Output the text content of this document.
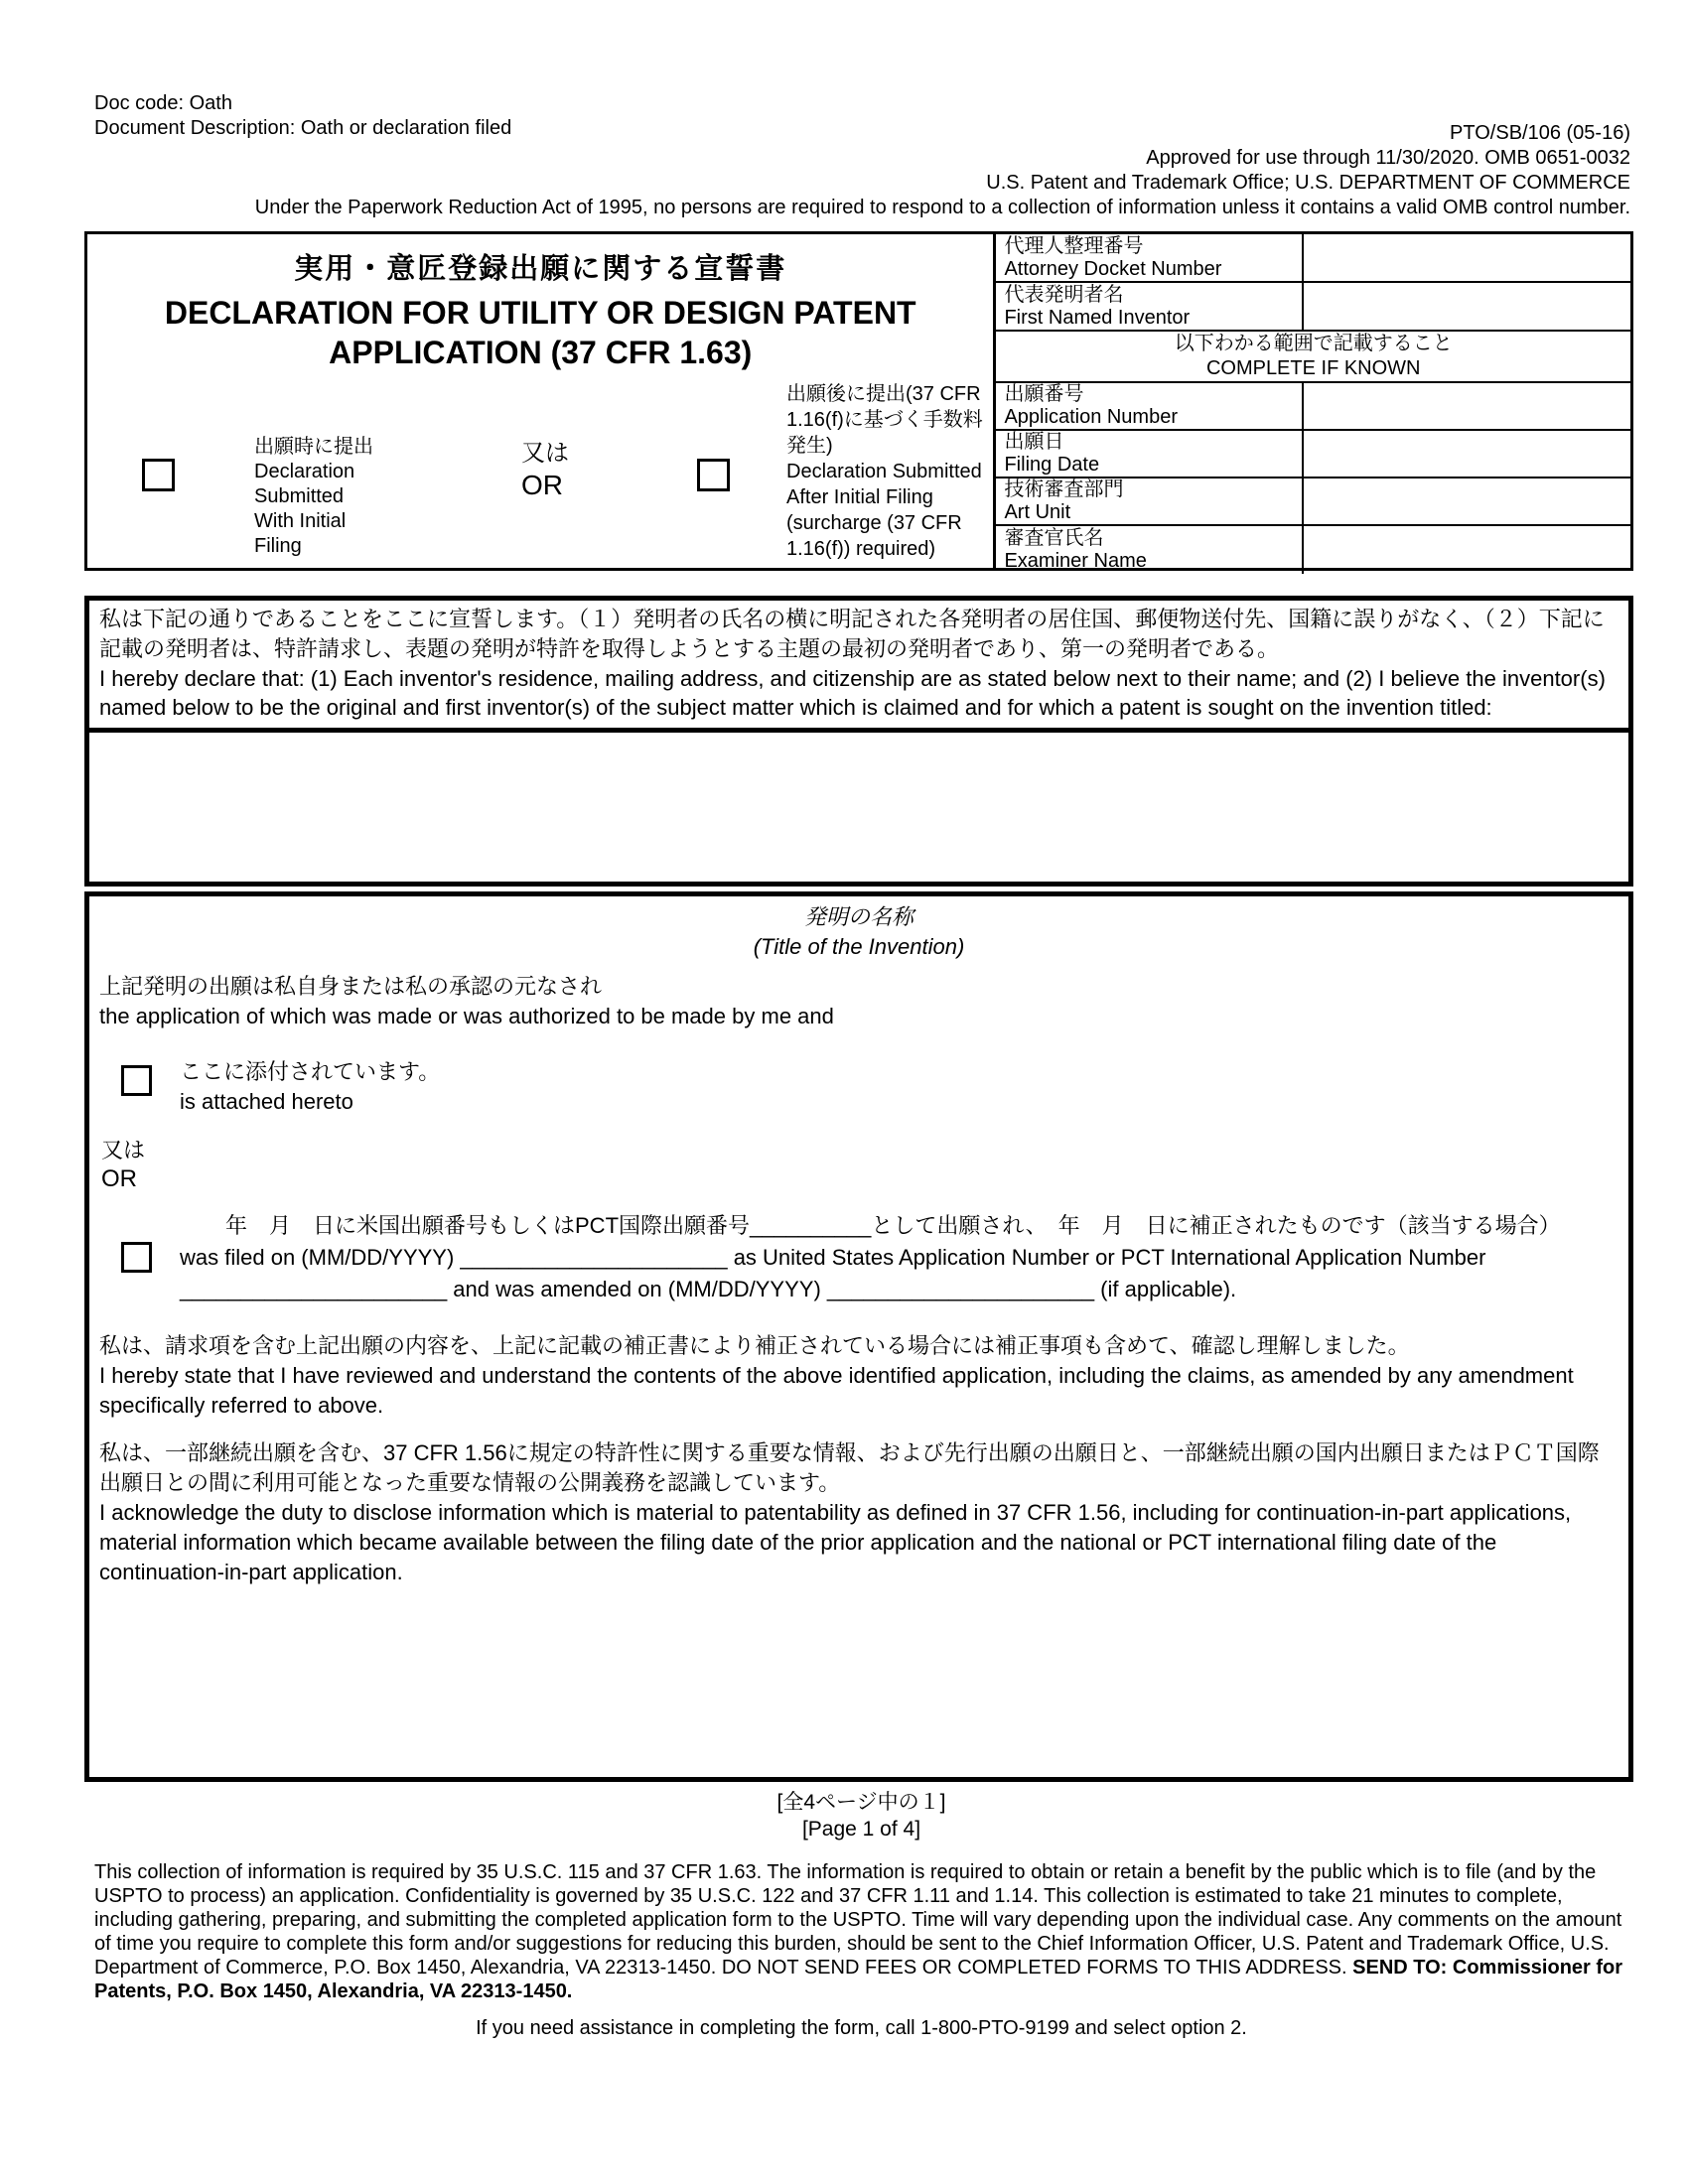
Doc code: Oath
Document Description: Oath or declaration filed	PTO/SB/106 (05-16)
Approved for use through 11/30/2020. OMB 0651-0032
U.S. Patent and Trademark Office; U.S. DEPARTMENT OF COMMERCE
Under the Paperwork Reduction Act of 1995, no persons are required to respond to a collection of information unless it contains a valid OMB control number.
実用・意匠登録出願に関する宣誓書
DECLARATION FOR UTILITY OR DESIGN PATENT
APPLICATION (37 CFR 1.63)
出願時に提出
Declaration Submitted With Initial Filing
又は
OR
出願後に提出(37 CFR 1.16(f)に基づく手数料発生)
Declaration Submitted After Initial Filing (surcharge (37 CFR 1.16(f)) required)
代理人整理番号
Attorney Docket Number
代表発明者名
First Named Inventor
以下わかる範囲で記載すること
COMPLETE IF KNOWN
出願番号
Application Number
出願日
Filing Date
技術審査部門
Art Unit
審査官氏名
Examiner Name
私は下記の通りであることをここに宣誓します。（１）発明者の氏名の横に明記された各発明者の居住国、郵便物送付先、国籍に誤りがなく、（２）下記に記載の発明者は、特許請求し、表題の発明が特許を取得しようとする主題の最初の発明者であり、第一の発明者である。
I hereby declare that: (1) Each inventor's residence, mailing address, and citizenship are as stated below next to their name; and (2) I believe the inventor(s) named below to be the original and first inventor(s) of the subject matter which is claimed and for which a patent is sought on the invention titled:
発明の名称
(Title of the Invention)
上記発明の出願は私自身または私の承認の元なされ
the application of which was made or was authorized to be made by me and
ここに添付されています。
is attached hereto
又は
OR
年　月　日に米国出願番号もしくはPCT国際出願番号__________として出願され、　年　月　日に補正されたものです（該当する場合）
was filed on (MM/DD/YYYY) ______________________ as United States Application Number or PCT International Application Number
______________________ and was amended on (MM/DD/YYYY) ______________________ (if applicable).
私は、請求項を含む上記出願の内容を、上記に記載の補正書により補正されている場合には補正事項も含めて、確認し理解しました。
I hereby state that I have reviewed and understand the contents of the above identified application, including the claims, as amended by any amendment specifically referred to above.
私は、一部継続出願を含む、37 CFR 1.56に規定の特許性に関する重要な情報、および先行出願の出願日と、一部継続出願の国内出願日またはＰＣＴ国際出願日との間に利用可能となった重要な情報の公開義務を認識しています。
I acknowledge the duty to disclose information which is material to patentability as defined in 37 CFR 1.56, including for continuation-in-part applications, material information which became available between the filing date of the prior application and the national or PCT international filing date of the continuation-in-part application.
[全4ページ中の１]
[Page 1 of 4]
This collection of information is required by 35 U.S.C. 115 and 37 CFR 1.63. The information is required to obtain or retain a benefit by the public which is to file (and by the USPTO to process) an application. Confidentiality is governed by 35 U.S.C. 122 and 37 CFR 1.11 and 1.14. This collection is estimated to take 21 minutes to complete, including gathering, preparing, and submitting the completed application form to the USPTO. Time will vary depending upon the individual case. Any comments on the amount of time you require to complete this form and/or suggestions for reducing this burden, should be sent to the Chief Information Officer, U.S. Patent and Trademark Office, U.S. Department of Commerce, P.O. Box 1450, Alexandria, VA 22313-1450. DO NOT SEND FEES OR COMPLETED FORMS TO THIS ADDRESS. SEND TO: Commissioner for Patents, P.O. Box 1450, Alexandria, VA 22313-1450.
If you need assistance in completing the form, call 1-800-PTO-9199 and select option 2.
